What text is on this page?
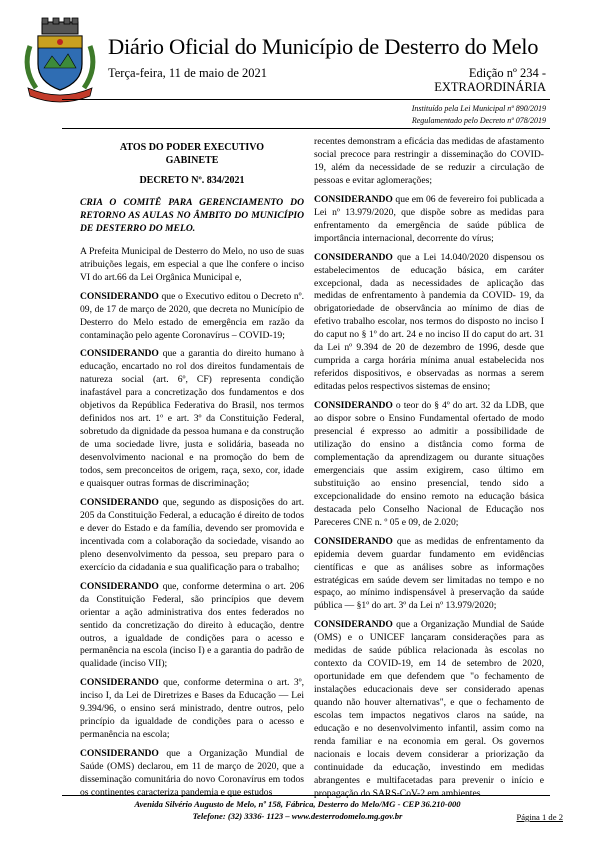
Diário Oficial do Município de Desterro do Melo
Terça-feira, 11 de maio de 2021	Edição nº 234 -
EXTRAORDINÁRIA
Instituído pela Lei Municipal nº 890/2019
Regulamentado pelo Decreto nº 078/2019
ATOS DO PODER EXECUTIVO
GABINETE
DECRETO Nº. 834/2021

CRIA O COMITÊ PARA GERENCIAMENTO DO RETORNO AS AULAS NO ÂMBITO DO MUNICÍPIO DE DESTERRO DO MELO.

A Prefeita Municipal de Desterro do Melo, no uso de suas atribuições legais, em especial a que lhe confere o inciso VI do art.66 da Lei Orgânica Municipal e,

CONSIDERANDO que o Executivo editou o Decreto nº. 09, de 17 de março de 2020, que decreta no Município de Desterro do Melo estado de emergência em razão da contaminação pelo agente Coronavírus – COVID-19;

CONSIDERANDO que a garantia do direito humano à educação, encartado no rol dos direitos fundamentais de natureza social (art. 6º, CF) representa condição inafastável para a concretização dos fundamentos e dos objetivos da República Federativa do Brasil, nos termos definidos nos art. 1º e art. 3º da Constituição Federal, sobretudo da dignidade da pessoa humana e da construção de uma sociedade livre, justa e solidária, baseada no desenvolvimento nacional e na promoção do bem de todos, sem preconceitos de origem, raça, sexo, cor, idade e quaisquer outras formas de discriminação;

CONSIDERANDO que, segundo as disposições do art. 205 da Constituição Federal, a educação é direito de todos e dever do Estado e da família, devendo ser promovida e incentivada com a colaboração da sociedade, visando ao pleno desenvolvimento da pessoa, seu preparo para o exercício da cidadania e sua qualificação para o trabalho;

CONSIDERANDO que, conforme determina o art. 206 da Constituição Federal, são princípios que devem orientar a ação administrativa dos entes federados no sentido da concretização do direito à educação, dentre outros, a igualdade de condições para o acesso e permanência na escola (inciso I) e a garantia do padrão de qualidade (inciso VII);

CONSIDERANDO que, conforme determina o art. 3º, inciso I, da Lei de Diretrizes e Bases da Educação — Lei 9.394/96, o ensino será ministrado, dentre outros, pelo princípio da igualdade de condições para o acesso e permanência na escola;

CONSIDERANDO que a Organização Mundial de Saúde (OMS) declarou, em 11 de março de 2020, que a disseminação comunitária do novo Coronavírus em todos os continentes caracteriza pandemia e que estudos

recentes demonstram a eficácia das medidas de afastamento social precoce para restringir a disseminação do COVID-19, além da necessidade de se reduzir a circulação de pessoas e evitar aglomerações;

CONSIDERANDO que em 06 de fevereiro foi publicada a Lei nº 13.979/2020, que dispõe sobre as medidas para enfrentamento da emergência de saúde pública de importância internacional, decorrente do vírus;

CONSIDERANDO que a Lei 14.040/2020 dispensou os estabelecimentos de educação básica, em caráter excepcional, dada as necessidades de aplicação das medidas de enfrentamento à pandemia da COVID- 19, da obrigatoriedade de observância ao mínimo de dias de efetivo trabalho escolar, nos termos do disposto no inciso I do caput no § 1º do art. 24 e no inciso II do caput do art. 31 da Lei nº 9.394 de 20 de dezembro de 1996, desde que cumprida a carga horária mínima anual estabelecida nos referidos dispositivos, e observadas as normas a serem editadas pelos respectivos sistemas de ensino;

CONSIDERANDO o teor do § 4º do art. 32 da LDB, que ao dispor sobre o Ensino Fundamental ofertado de modo presencial é expresso ao admitir a possibilidade de utilização do ensino a distância como forma de complementação da aprendizagem ou durante situações emergenciais que assim exigirem, caso último em substituição ao ensino presencial, tendo sido a excepcionalidade do ensino remoto na educação básica destacada pelo Conselho Nacional de Educação nos Pareceres CNE n. º 05 e 09, de 2.020;

CONSIDERANDO que as medidas de enfrentamento da epidemia devem guardar fundamento em evidências científicas e que as análises sobre as informações estratégicas em saúde devem ser limitadas no tempo e no espaço, ao mínimo indispensável à preservação da saúde pública — §1º do art. 3º da Lei nº 13.979/2020;

CONSIDERANDO que a Organização Mundial de Saúde (OMS) e o UNICEF lançaram considerações para as medidas de saúde pública relacionada às escolas no contexto da COVID-19, em 14 de setembro de 2020, oportunidade em que defendem que "o fechamento de instalações educacionais deve ser considerado apenas quando não houver alternativas", e que o fechamento de escolas tem impactos negativos claros na saúde, na educação e no desenvolvimento infantil, assim como na renda familiar e na economia em geral. Os governos nacionais e locais devem considerar a priorização da continuidade da educação, investindo em medidas abrangentes e multifacetadas para prevenir o início e propagação do SARS-CoV-2 em ambientes

Avenida Silvério Augusto de Melo, nº 158, Fábrica, Desterro do Melo/MG - CEP 36.210-000
Telefone: (32) 3336- 1123 – www.desterrodomelo.mg.gov.br	Página 1 de 2
